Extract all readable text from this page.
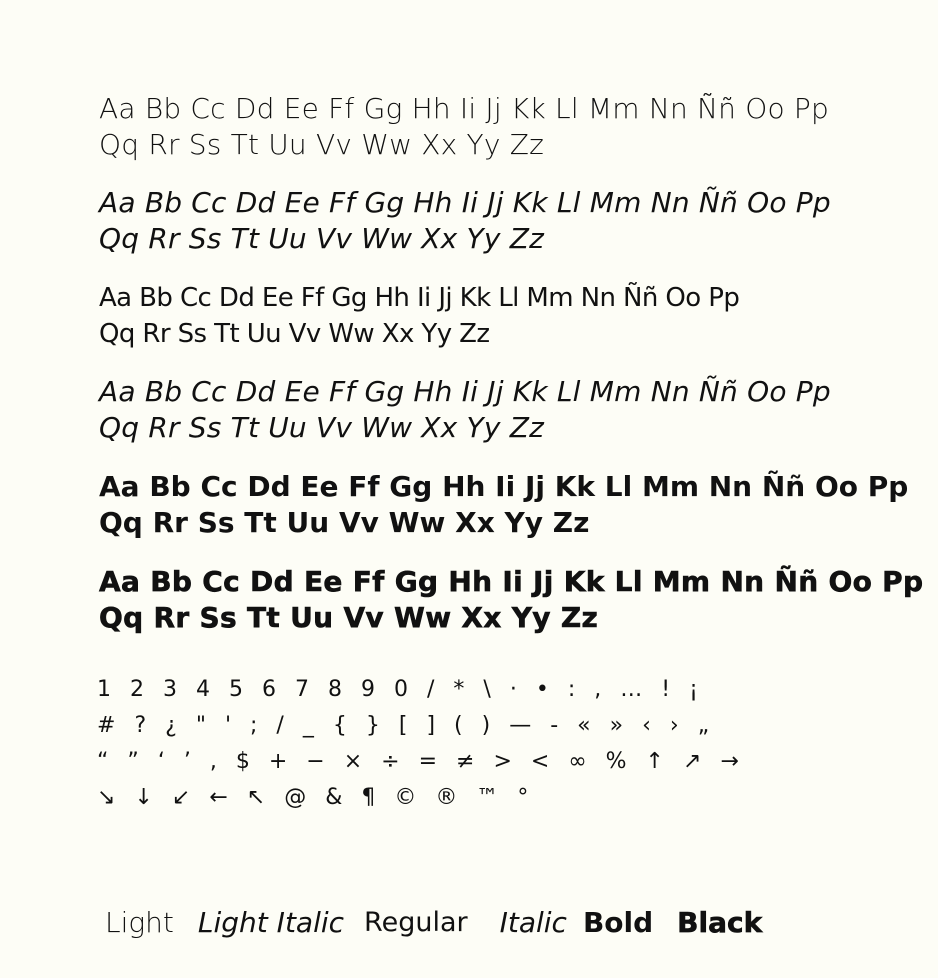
Aa Bb Cc Dd Ee Ff Gg Hh Ii Jj Kk Ll Mm Nn Ññ Oo Pp
Qq Rr Ss Tt Uu Vv Ww Xx Yy Zz
Aa Bb Cc Dd Ee Ff Gg Hh Ii Jj Kk Ll Mm Nn Ññ Oo Pp
Qq Rr Ss Tt Uu Vv Ww Xx Yy Zz
Aa Bb Cc Dd Ee Ff Gg Hh Ii Jj Kk Ll Mm Nn Ññ Oo Pp
Qq Rr Ss Tt Uu Vv Ww Xx Yy Zz
Aa Bb Cc Dd Ee Ff Gg Hh Ii Jj Kk Ll Mm Nn Ññ Oo Pp
Qq Rr Ss Tt Uu Vv Ww Xx Yy Zz
Aa Bb Cc Dd Ee Ff Gg Hh Ii Jj Kk Ll Mm Nn Ññ Oo Pp
Qq Rr Ss Tt Uu Vv Ww Xx Yy Zz
Aa Bb Cc Dd Ee Ff Gg Hh Ii Jj Kk Ll Mm Nn Ññ Oo Pp
Qq Rr Ss Tt Uu Vv Ww Xx Yy Zz
1 2 3 4 5 6 7 8 9 0 / * \ · • : , … ! ¡
# ? ¿ " ' ; / _ { } [ ] ( ) — - « » ‹ › „
“ ” ‘ ’ , $ + − × ÷ = ≠ > < ∞ % ↑ ↗ →
↘ ↓ ↙ ← ↖ @ & ¶ © ® ™ °
Light Light Italic Regular Italic Bold Black
